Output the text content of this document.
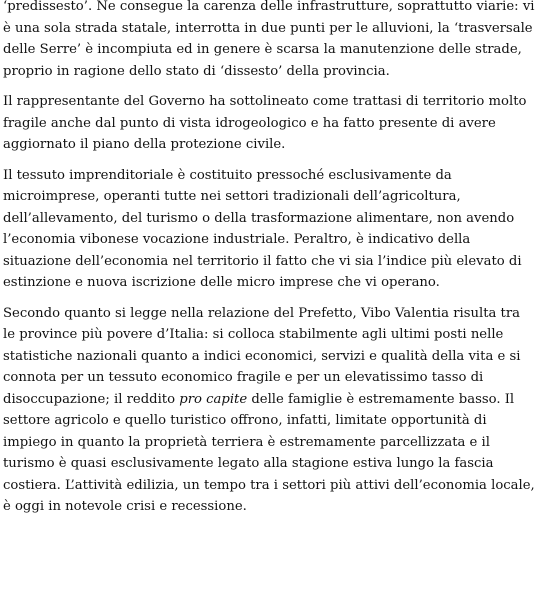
‘predissesto’. Ne consegue la carenza delle infrastrutture, soprattutto viarie: vi
è una sola strada statale, interrotta in due punti per le alluvioni, la ‘trasversale
delle Serre’ è incompiuta ed in genere è scarsa la manutenzione delle strade,
proprio in ragione dello stato di ‘dissesto’ della provincia.
Il rappresentante del Governo ha sottolineato come trattasi di territorio molto
fragile anche dal punto di vista idrogeologico e ha fatto presente di avere
aggiornato il piano della protezione civile.
Il tessuto imprenditoriale è costituito pressoché esclusivamente da
microimprese, operanti tutte nei settori tradizionali dell’agricoltura,
dell’allevamento, del turismo o della trasformazione alimentare, non avendo
l’economia vibonese vocazione industriale. Peraltro, è indicativo della
situazione dell’economia nel territorio il fatto che vi sia l’indice più elevato di
estinzione e nuova iscrizione delle micro imprese che vi operano.
Secondo quanto si legge nella relazione del Prefetto, Vibo Valentia risulta tra
le province più povere d’Italia: si colloca stabilmente agli ultimi posti nelle
statistiche nazionali quanto a indici economici, servizi e qualità della vita e si
connota per un tessuto economico fragile e per un elevatissimo tasso di
disoccupazione; il reddito pro capite delle famiglie è estremamente basso. Il
settore agricolo e quello turistico offrono, infatti, limitate opportunità di
impiego in quanto la proprietà terriera è estremamente parcellizzata e il
turismo è quasi esclusivamente legato alla stagione estiva lungo la fascia
costiera. L’attività edilizia, un tempo tra i settori più attivi dell’economia locale,
è oggi in notevole crisi e recessione.
